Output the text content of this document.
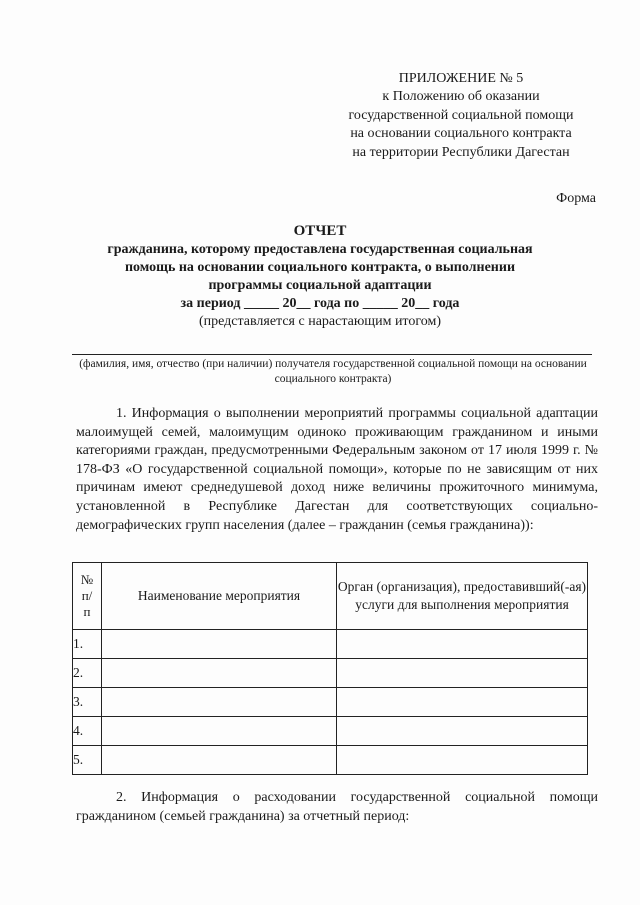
ПРИЛОЖЕНИЕ № 5
к Положению об оказании
государственной социальной помощи
на основании социального контракта
на территории Республики Дагестан
Форма
ОТЧЕТ
гражданина, которому предоставлена государственная социальная
помощь на основании социального контракта, о выполнении
программы социальной адаптации
за период _____ 20__ года по _____ 20__ года
(представляется с нарастающим итогом)
(фамилия, имя, отчество (при наличии) получателя государственной социальной помощи на основании социального контракта)
1. Информация о выполнении мероприятий программы социальной адаптации малоимущей семей, малоимущим одиноко проживающим гражданином и иными категориями граждан, предусмотренными Федеральным законом от 17 июля 1999 г. № 178-ФЗ «О государственной социальной помощи», которые по не зависящим от них причинам имеют среднедушевой доход ниже величины прожиточного минимума, установленной в Республике Дагестан для соответствующих социально-демографических групп населения (далее – гражданин (семья гражданина)):
№
п/
п	Наименование мероприятия	Орган (организация), предоставивший(-ая) услуги для выполнения мероприятия
1.		
2.		
3.		
4.		
5.		
2. Информация о расходовании государственной социальной помощи гражданином (семьей гражданина) за отчетный период:
